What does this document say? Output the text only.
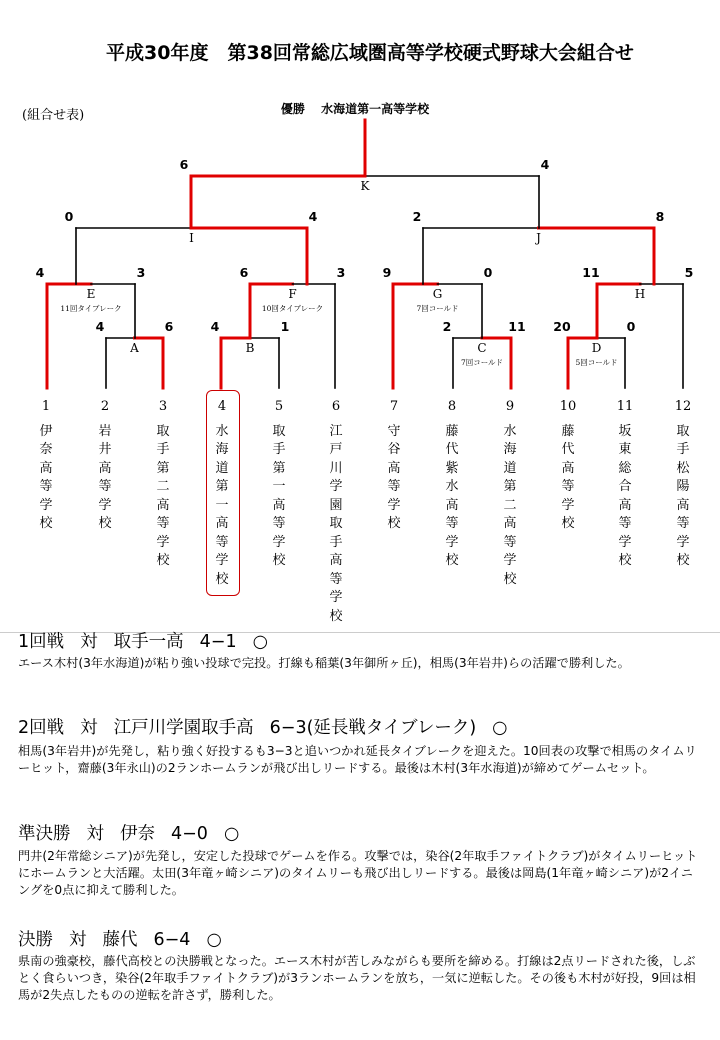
平成30年度　第38回常総広域圏高等学校硬式野球大会組合せ
(組合せ表)	優勝　 水海道第一高等学校
4	6
A
4	1
B
2	11
C
7回コールド
20	0
D
5回コールド
4	3
E
11回タイブレーク
6	3
F
10回タイブレーク
9	0
G
7回コールド
11	5
H
0	4
I
2	8
J
6	4
K
1
伊奈高等学校
2
岩井高等学校
3
取手第二高等学校
4
水海道第一高等学校
5
取手第一高等学校
6
江戸川学園取手高等学校
7
守谷高等学校
8
藤代紫水高等学校
9
水海道第二高等学校
10
藤代高等学校
11
坂東総合高等学校
12
取手松陽高等学校
1回戦 対 取手一高 4−1 ○
エース木村(3年水海道)が粘り強い投球で完投。打線も稲葉(3年御所ヶ丘)，相馬(3年岩井)らの活躍で勝利した。
2回戦 対 江戸川学園取手高 6−3(延長戦タイブレーク) ○
相馬(3年岩井)が先発し，粘り強く好投するも3−3と追いつかれ延長タイブレークを迎えた。10回表の攻撃で相馬のタイムリーヒット，齋藤(3年永山)の2ランホームランが飛び出しリードする。最後は木村(3年水海道)が締めてゲームセット。
準決勝 対 伊奈 4−0 ○
門井(2年常総シニア)が先発し，安定した投球でゲームを作る。攻撃では，染谷(2年取手ファイトクラブ)がタイムリーヒットにホームランと大活躍。太田(3年竜ヶ崎シニア)のタイムリーも飛び出しリードする。最後は岡島(1年竜ヶ崎シニア)が2イニングを0点に抑えて勝利した。
決勝 対 藤代 6−4 ○
県南の強豪校，藤代高校との決勝戦となった。エース木村が苦しみながらも要所を締める。打線は2点リードされた後，しぶとく食らいつき，染谷(2年取手ファイトクラブ)が3ランホームランを放ち，一気に逆転した。その後も木村が好投，9回は相馬が2失点したものの逆転を許さず，勝利した。
